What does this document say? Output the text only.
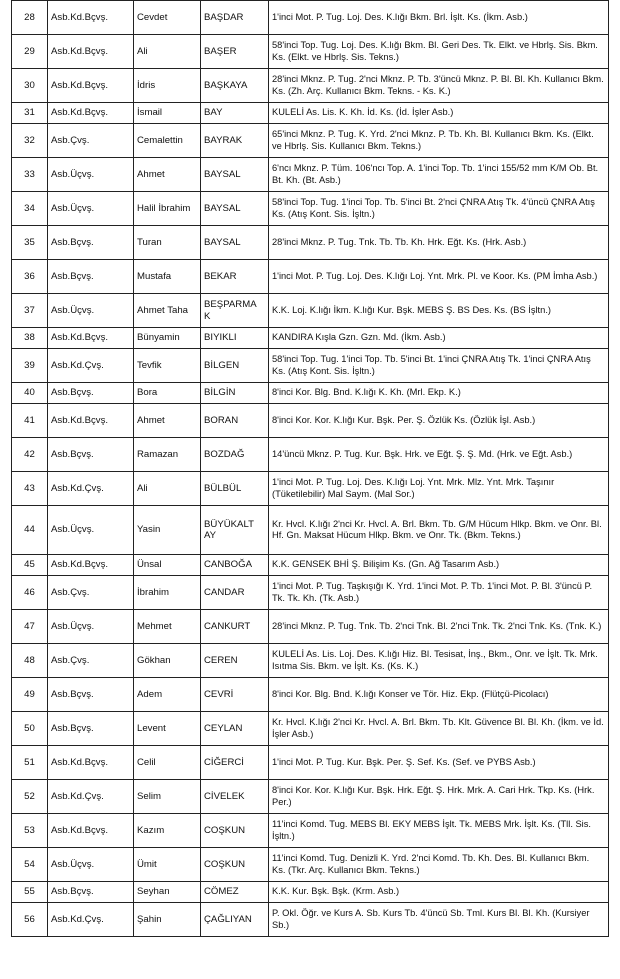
28	Asb.Kd.Bçvş.	Cevdet	BAŞDAR	1'inci Mot. P. Tug. Loj. Des. K.lığı Bkm. Brl. İşlt. Ks. (İkm. Asb.)
29	Asb.Kd.Bçvş.	Ali	BAŞER	58'inci Top. Tug. Loj. Des. K.lığı Bkm. Bl. Geri Des. Tk. Elkt. ve Hbrlş. Sis. Bkm. Ks. (Elkt. ve Hbrlş. Sis. Tekns.)
30	Asb.Kd.Bçvş.	İdris	BAŞKAYA	28'inci Mknz. P. Tug. 2'nci Mknz. P. Tb. 3'üncü Mknz. P. Bl. Bl. Kh. Kullanıcı Bkm. Ks. (Zh. Arç. Kullanıcı Bkm. Tekns. - Ks. K.)
31	Asb.Kd.Bçvş.	İsmail	BAY	KULELİ As. Lis. K. Kh. İd. Ks. (İd. İşler Asb.)
32	Asb.Çvş.	Cemalettin	BAYRAK	65'inci Mknz. P. Tug. K. Yrd. 2'nci Mknz. P. Tb. Kh. Bl. Kullanıcı Bkm. Ks. (Elkt. ve Hbrlş. Sis. Kullanıcı Bkm. Tekns.)
33	Asb.Üçvş.	Ahmet	BAYSAL	6'ncı Mknz. P. Tüm. 106'ncı Top. A. 1'inci Top. Tb. 1'inci 155/52 mm K/M Ob. Bt. Bt. Kh. (Bt. Asb.)
34	Asb.Üçvş.	Halil İbrahim	BAYSAL	58'inci Top. Tug. 1'inci Top. Tb. 5'inci Bt. 2'nci ÇNRA Atış Tk. 4'üncü ÇNRA Atış Ks. (Atış Kont. Sis. İşltn.)
35	Asb.Bçvş.	Turan	BAYSAL	28'inci Mknz. P. Tug. Tnk. Tb. Tb. Kh. Hrk. Eğt. Ks. (Hrk. Asb.)
36	Asb.Bçvş.	Mustafa	BEKAR	1'inci Mot. P. Tug. Loj. Des. K.lığı Loj. Ynt. Mrk. Pl. ve Koor. Ks. (PM İmha Asb.)
37	Asb.Üçvş.	Ahmet Taha	BEŞPARMA K	K.K. Loj. K.lığı İkm. K.lığı Kur. Bşk. MEBS Ş. BS Des. Ks. (BS İşltn.)
38	Asb.Kd.Bçvş.	Bünyamin	BIYIKLI	KANDIRA Kışla Gzn. Gzn. Md. (İkm. Asb.)
39	Asb.Kd.Çvş.	Tevfik	BİLGEN	58'inci Top. Tug. 1'inci Top. Tb. 5'inci Bt. 1'inci ÇNRA Atış Tk. 1'inci ÇNRA Atış Ks. (Atış Kont. Sis. İşltn.)
40	Asb.Bçvş.	Bora	BİLGİN	8'inci Kor. Blg. Bnd. K.lığı K. Kh. (Mrl. Ekp. K.)
41	Asb.Kd.Bçvş.	Ahmet	BORAN	8'inci Kor. Kor. K.lığı Kur. Bşk. Per. Ş. Özlük Ks. (Özlük İşl. Asb.)
42	Asb.Bçvş.	Ramazan	BOZDAĞ	14'üncü Mknz. P. Tug. Kur. Bşk. Hrk. ve Eğt. Ş. Ş. Md. (Hrk. ve Eğt. Asb.)
43	Asb.Kd.Çvş.	Ali	BÜLBÜL	1'inci Mot. P. Tug. Loj. Des. K.lığı Loj. Ynt. Mrk. Mlz. Ynt. Mrk. Taşınır (Tüketilebilir) Mal Saym. (Mal Sor.)
44	Asb.Üçvş.	Yasin	BÜYÜKALT AY	Kr. Hvcl. K.lığı 2'nci Kr. Hvcl. A. Brl. Bkm. Tb. G/M Hücum Hlkp. Bkm. ve Onr. Bl. Hf. Gn. Maksat Hücum Hlkp. Bkm. ve Onr. Tk. (Bkm. Tekns.)
45	Asb.Kd.Bçvş.	Ünsal	CANBOĞA	K.K. GENSEK BHİ Ş. Bilişim Ks. (Gn. Ağ Tasarım Asb.)
46	Asb.Çvş.	İbrahim	CANDAR	1'inci Mot. P. Tug. Taşkışığı K. Yrd. 1'inci Mot. P. Tb. 1'inci Mot. P. Bl. 3'üncü P. Tk. Tk. Kh. (Tk. Asb.)
47	Asb.Üçvş.	Mehmet	CANKURT	28'inci Mknz. P. Tug. Tnk. Tb. 2'nci Tnk. Bl. 2'nci Tnk. Tk. 2'nci Tnk. Ks. (Tnk. K.)
48	Asb.Çvş.	Gökhan	CEREN	KULELİ As. Lis. Loj. Des. K.lığı Hiz. Bl. Tesisat, İnş., Bkm., Onr. ve İşlt. Tk. Mrk. Isıtma Sis. Bkm. ve İşlt. Ks. (Ks. K.)
49	Asb.Bçvş.	Adem	CEVRİ	8'inci Kor. Blg. Bnd. K.lığı Konser ve Tör. Hiz. Ekp. (Flütçü-Picolacı)
50	Asb.Bçvş.	Levent	CEYLAN	Kr. Hvcl. K.lığı 2'nci Kr. Hvcl. A. Brl. Bkm. Tb. Klt. Güvence Bl. Bl. Kh. (İkm. ve İd. İşler Asb.)
51	Asb.Kd.Bçvş.	Celil	CİĞERCİ	1'inci Mot. P. Tug. Kur. Bşk. Per. Ş. Sef. Ks. (Sef. ve PYBS Asb.)
52	Asb.Kd.Çvş.	Selim	CİVELEK	8'inci Kor. Kor. K.lığı Kur. Bşk. Hrk. Eğt. Ş. Hrk. Mrk. A. Cari Hrk. Tkp. Ks. (Hrk. Per.)
53	Asb.Kd.Bçvş.	Kazım	COŞKUN	11'inci Komd. Tug. MEBS Bl. EKY MEBS İşlt. Tk. MEBS Mrk. İşlt. Ks. (Tll. Sis. İşltn.)
54	Asb.Üçvş.	Ümit	COŞKUN	11'inci Komd. Tug. Denizli K. Yrd. 2'nci Komd. Tb. Kh. Des. Bl. Kullanıcı Bkm. Ks. (Tkr. Arç. Kullanıcı Bkm. Tekns.)
55	Asb.Bçvş.	Seyhan	CÖMEZ	K.K. Kur. Bşk. Bşk. (Krm. Asb.)
56	Asb.Kd.Çvş.	Şahin	ÇAĞLIYAN	P. Okl. Öğr. ve Kurs A. Sb. Kurs Tb. 4'üncü Sb. Tml. Kurs Bl. Bl. Kh. (Kursiyer Sb.)
